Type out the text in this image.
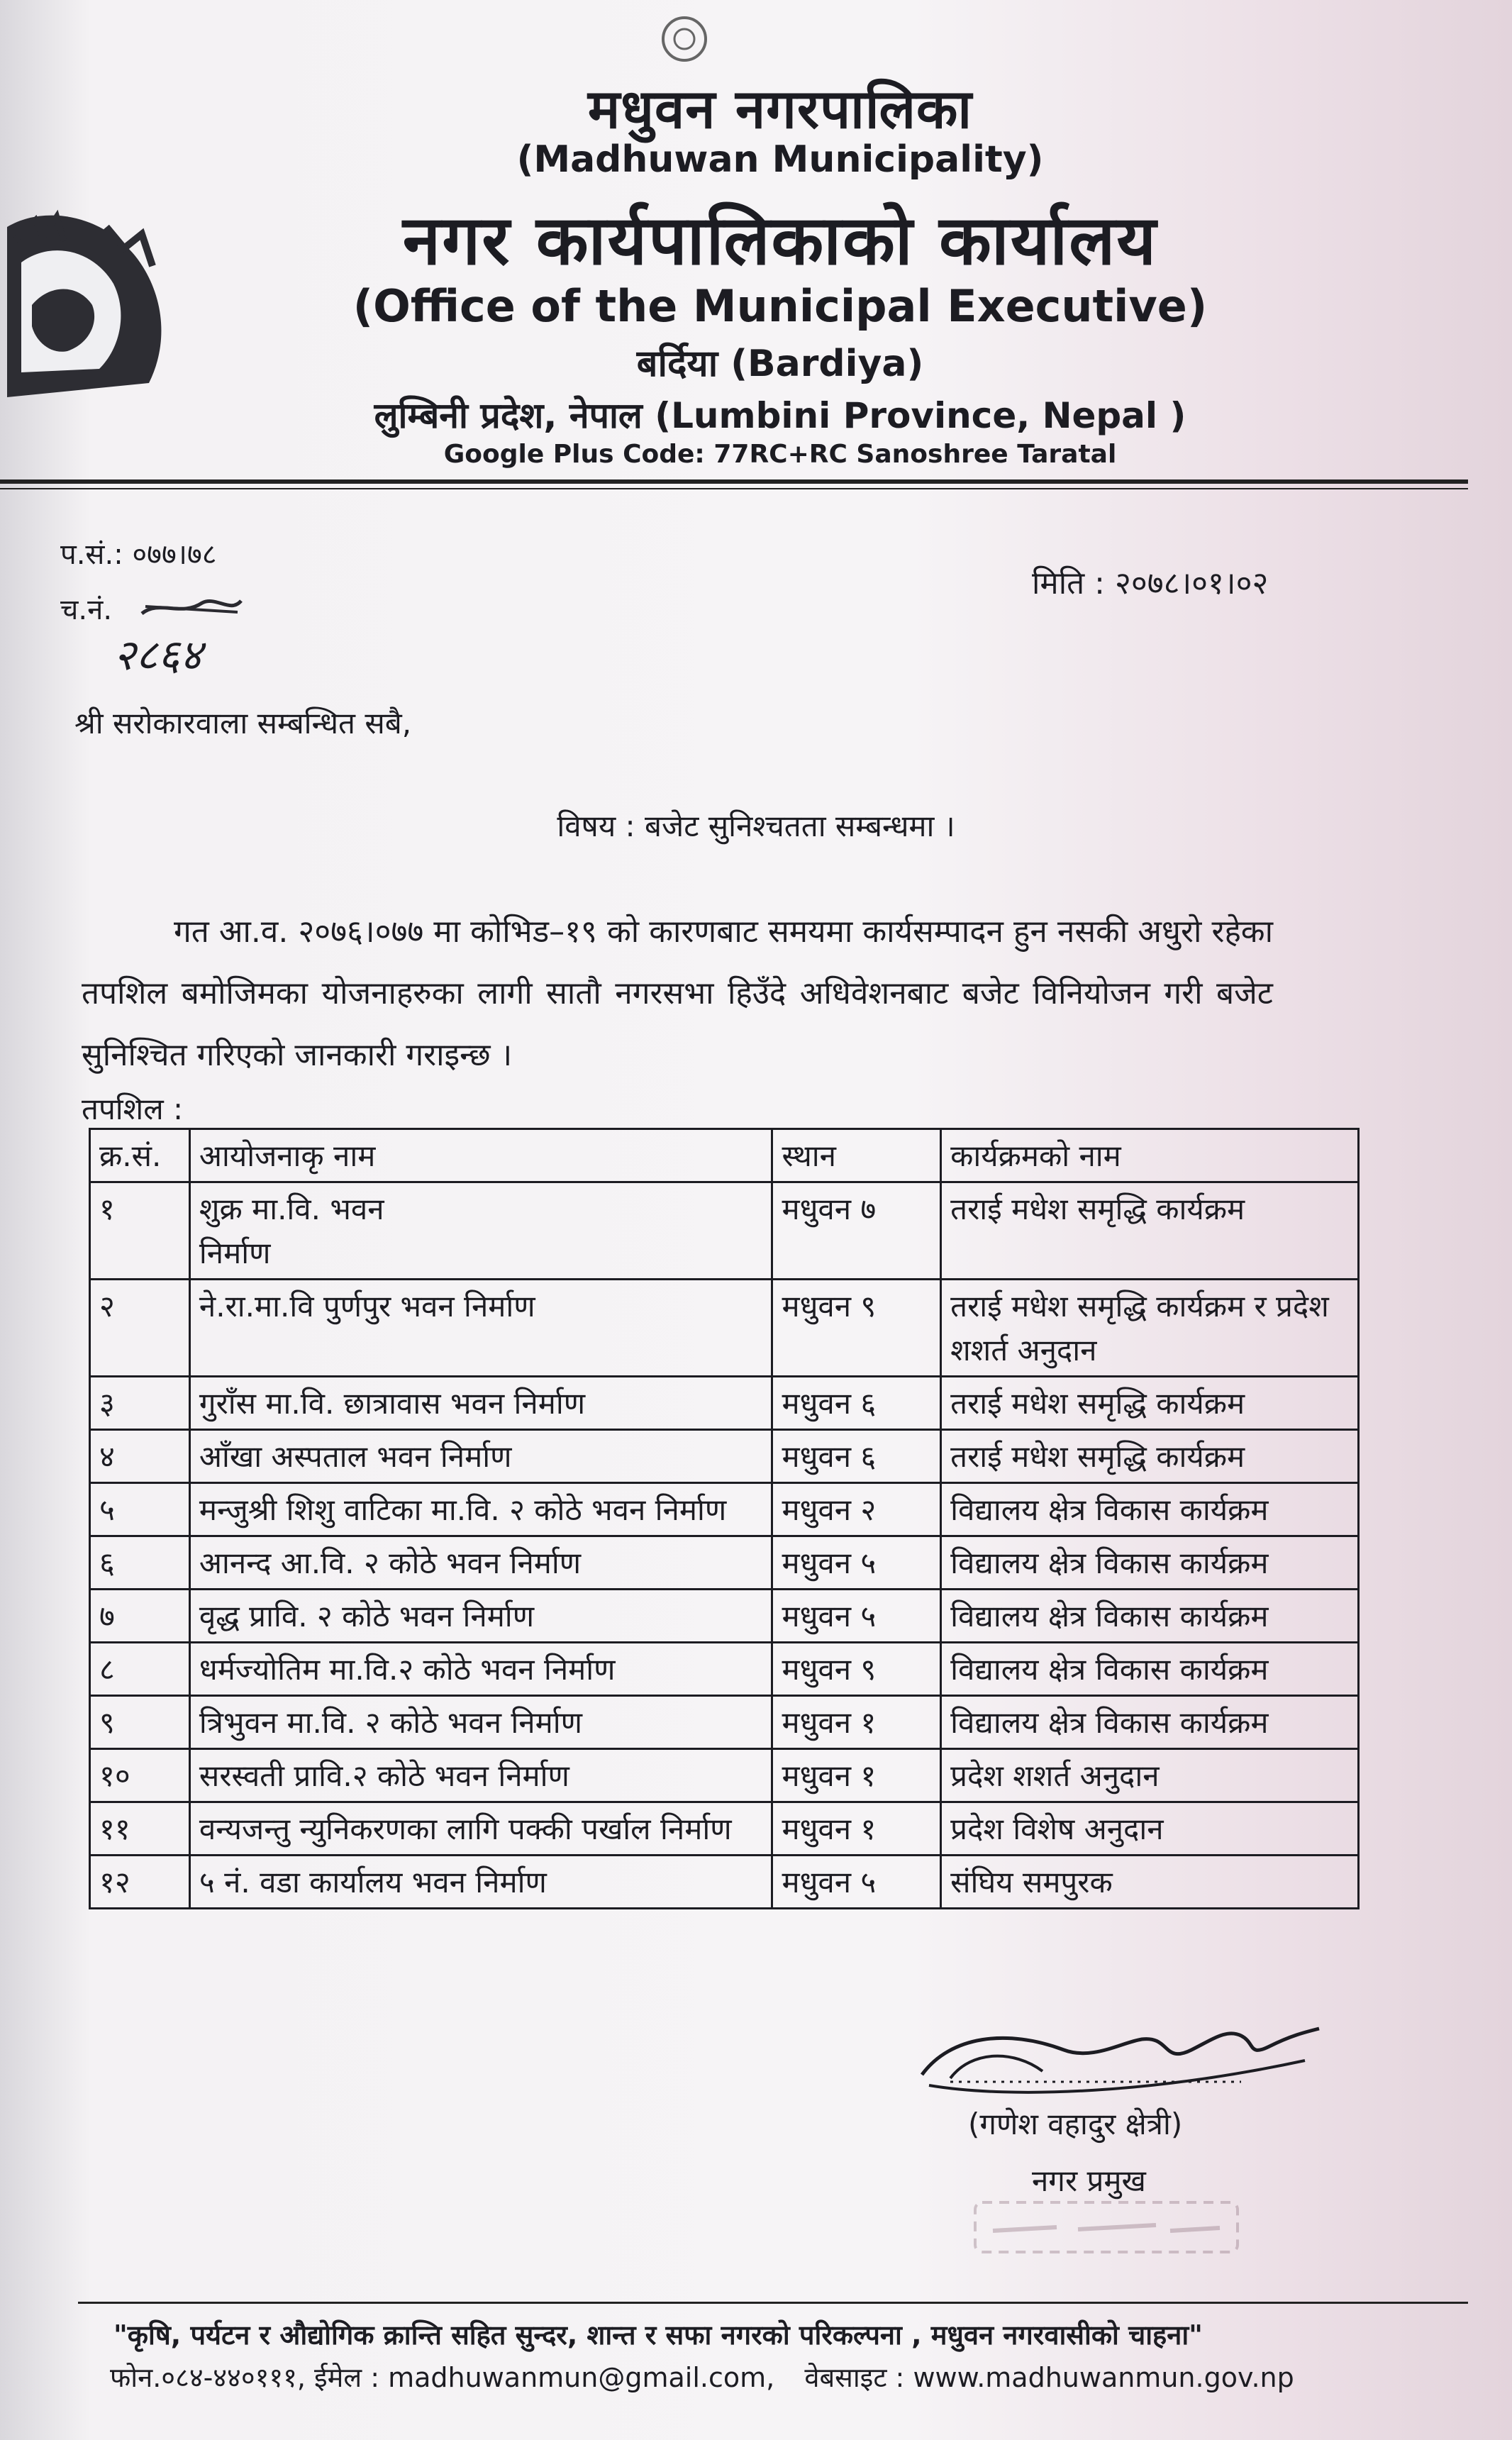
मधुवन नगरपालिका
(Madhuwan Municipality)
नगर कार्यपालिकाको कार्यालय
(Office of the Municipal Executive)
बर्दिया (Bardiya)
लुम्बिनी प्रदेश, नेपाल (Lumbini Province, Nepal )
Google Plus Code: 77RC+RC Sanoshree Taratal
प.सं.: ०७७।७८
च.नं.
२८६४
मिति : २०७८।०१।०२
श्री सरोकारवाला सम्बन्धित सबै,
विषय : बजेट सुनिश्चतता सम्बन्धमा ।
गत आ.व. २०७६।०७७ मा कोभिड–१९ को कारणबाट समयमा कार्यसम्पादन हुन नसकी अधुरो रहेका तपशिल बमोजिमका योजनाहरुका लागी सातौ नगरसभा हिउँदे अधिवेशनबाट बजेट विनियोजन गरी बजेट सुनिश्चित गरिएको जानकारी गराइन्छ ।
तपशिल :
क्र.सं.	आयोजनाकृ नाम	स्थान	कार्यक्रमको नाम
१	शुक्र मा.वि. भवन निर्माण	मधुवन ७	तराई मधेश समृद्धि कार्यक्रम
२	ने.रा.मा.वि पुर्णपुर भवन निर्माण	मधुवन ९	तराई मधेश समृद्धि कार्यक्रम र प्रदेश शशर्त अनुदान
३	गुराँस मा.वि. छात्रावास भवन निर्माण	मधुवन ६	तराई मधेश समृद्धि कार्यक्रम
४	आँखा अस्पताल भवन निर्माण	मधुवन ६	तराई मधेश समृद्धि कार्यक्रम
५	मन्जुश्री शिशु वाटिका मा.वि. २ कोठे भवन निर्माण	मधुवन २	विद्यालय क्षेत्र विकास कार्यक्रम
६	आनन्द आ.वि. २ कोठे भवन निर्माण	मधुवन ५	विद्यालय क्षेत्र विकास कार्यक्रम
७	वृद्ध प्रावि. २ कोठे भवन निर्माण	मधुवन ५	विद्यालय क्षेत्र विकास कार्यक्रम
८	धर्मज्योतिम मा.वि.२ कोठे भवन निर्माण	मधुवन ९	विद्यालय क्षेत्र विकास कार्यक्रम
९	त्रिभुवन मा.वि. २ कोठे भवन निर्माण	मधुवन १	विद्यालय क्षेत्र विकास कार्यक्रम
१०	सरस्वती प्रावि.२ कोठे भवन निर्माण	मधुवन १	प्रदेश शशर्त अनुदान
११	वन्यजन्तु न्युनिकरणका लागि पक्की पर्खाल निर्माण	मधुवन १	प्रदेश विशेष अनुदान
१२	५ नं. वडा कार्यालय भवन निर्माण	मधुवन ५	संघिय समपुरक
(गणेश वहादुर क्षेत्री)
नगर प्रमुख
"कृषि, पर्यटन र औद्योगिक क्रान्ति सहित सुन्दर, शान्त र सफा नगरको परिकल्पना , मधुवन नगरवासीको चाहना"
फोन.०८४-४४०१११, ईमेल : madhuwanmun@gmail.com, वेबसाइट : www.madhuwanmun.gov.np
